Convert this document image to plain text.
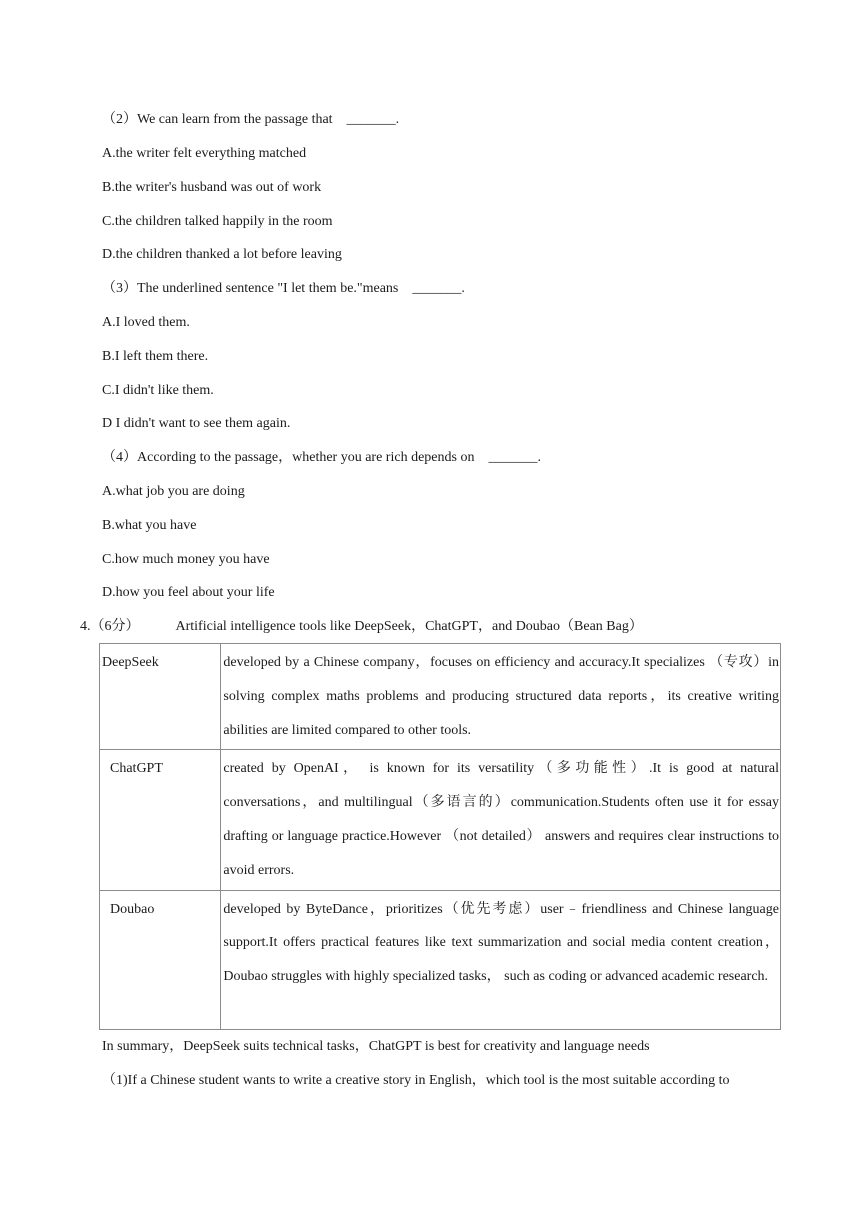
（2）We can learn from the passage that _______.
A.the writer felt everything matched
B.the writer's husband was out of work
C.the children talked happily in the room
D.the children thanked a lot before leaving
（3）The underlined sentence "I let them be."means _______.
A.I loved them.
B.I left them there.
C.I didn't like them.
D I didn't want to see them again.
（4）According to the passage，whether you are rich depends on _______.
A.what job you are doing
B.what you have
C.how much money you have
D.how you feel about your life
4.（6分）	Artificial intelligence tools like DeepSeek，ChatGPT，and Doubao（Bean Bag）
DeepSeek	developed by a Chinese company，focuses on efficiency and accuracy.It specializes （专攻）in solving complex maths problems and producing structured data reports，its creative writing abilities are limited compared to other tools.

ChatGPT	created by OpenAI， is known for its versatility（多功能性）.It is good at natural conversations，and multilingual（多语言的）communication.Students often use it for essay drafting or language practice.However （not detailed） answers and requires clear instructions to avoid errors.

Doubao	developed by ByteDance，prioritizes（优先考虑）user﹣friendliness and Chinese language support.It offers practical features like text summarization and social media content creation， Doubao struggles with highly specialized tasks， such as coding or advanced academic research.
In summary，DeepSeek suits technical tasks，ChatGPT is best for creativity and language needs
（1)If a Chinese student wants to write a creative story in English，which tool is the most suitable according to
